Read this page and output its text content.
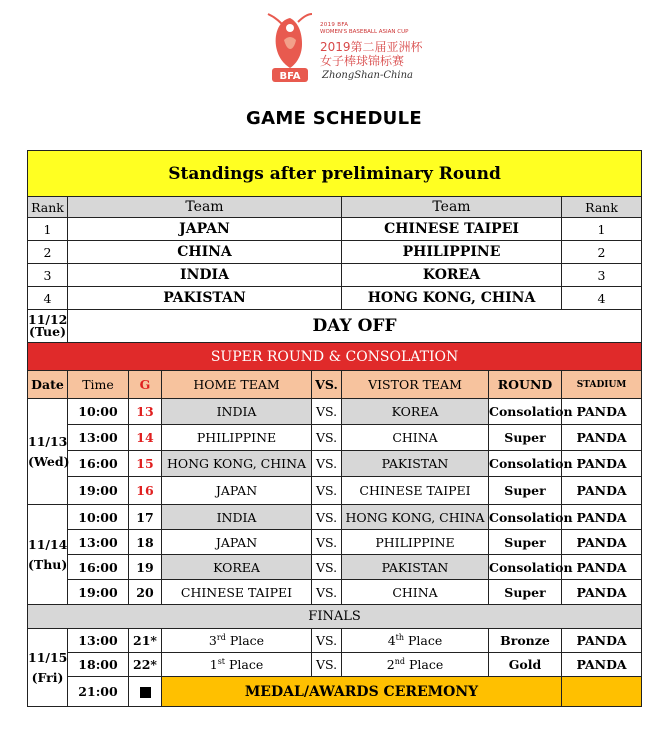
BFA
2019 BFA
WOMEN'S BASEBALL ASIAN CUP
2019第二届亚洲杯
女子棒球锦标赛
ZhongShan-China
GAME SCHEDULE
Standings after preliminary Round								
Rank	Team				Team		Rank	
1	JAPAN				CHINESE TAIPEI		1	
2	CHINA				PHILIPPINE		2	
3	INDIA				KOREA		3	
4	PAKISTAN				HONG KONG, CHINA		4	
11/12
(Tue)	DAY OFF							
SUPER ROUND & CONSOLATION								
Date	Time	G	HOME TEAM	VS.	VISTOR TEAM	ROUND	STADIUM	
11/13
(Wed)	10:00	13	INDIA	VS.	KOREA	Consolation	PANDA	
	13:00	14	PHILIPPINE	VS.	CHINA	Super	PANDA	
	16:00	15	HONG KONG, CHINA	VS.	PAKISTAN	Consolation	PANDA	
	19:00	16	JAPAN	VS.	CHINESE TAIPEI	Super	PANDA	
11/14
(Thu)	10:00	17	INDIA	VS.	HONG KONG, CHINA	Consolation	PANDA	
	13:00	18	JAPAN	VS.	PHILIPPINE	Super	PANDA	
	16:00	19	KOREA	VS.	PAKISTAN	Consolation	PANDA	
	19:00	20	CHINESE TAIPEI	VS.	CHINA	Super	PANDA	
FINALS								
11/15
(Fri)	13:00	21*	3rd Place	VS.	4th Place	Bronze	PANDA	
	18:00	22*	1st Place	VS.	2nd Place	Gold	PANDA	
	21:00		MEDAL/AWARDS CEREMONY		
